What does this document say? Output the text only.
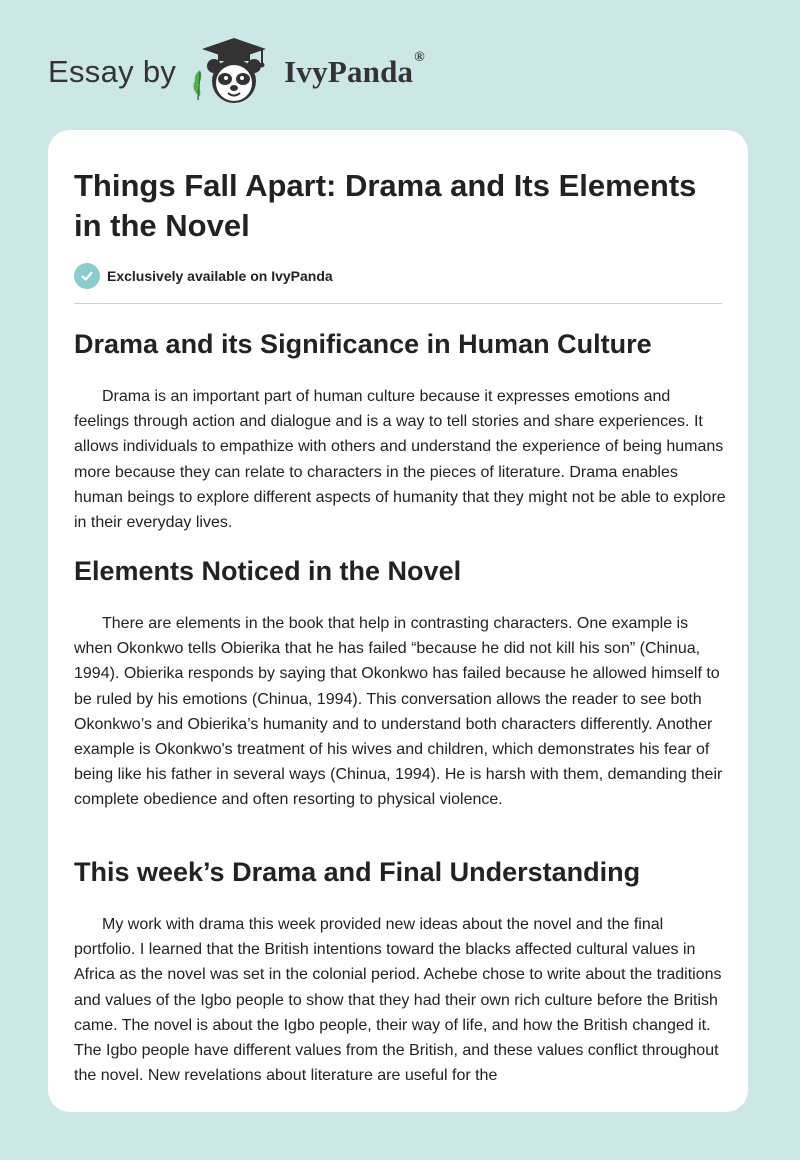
Essay by	IvyPanda®
Things Fall Apart: Drama and Its Elements in the Novel
Exclusively available on IvyPanda
Drama and its Significance in Human Culture

Drama is an important part of human culture because it expresses emotions and feelings through action and dialogue and is a way to tell stories and share experiences. It allows individuals to empathize with others and understand the experience of being humans more because they can relate to characters in the pieces of literature. Drama enables human beings to explore different aspects of humanity that they might not be able to explore in their everyday lives.

Elements Noticed in the Novel

There are elements in the book that help in contrasting characters. One example is when Okonkwo tells Obierika that he has failed “because he did not kill his son” (Chinua, 1994). Obierika responds by saying that Okonkwo has failed because he allowed himself to be ruled by his emotions (Chinua, 1994). This conversation allows the reader to see both Okonkwo’s and Obierika’s humanity and to understand both characters differently. Another example is Okonkwo's treatment of his wives and children, which demonstrates his fear of being like his father in several ways (Chinua, 1994). He is harsh with them, demanding their complete obedience and often resorting to physical violence.

This week’s Drama and Final Understanding

My work with drama this week provided new ideas about the novel and the final portfolio. I learned that the British intentions toward the blacks affected cultural values in Africa as the novel was set in the colonial period. Achebe chose to write about the traditions and values of the Igbo people to show that they had their own rich culture before the British came. The novel is about the Igbo people, their way of life, and how the British changed it. The Igbo people have different values from the British, and these values conflict throughout the novel. New revelations about literature are useful for the
